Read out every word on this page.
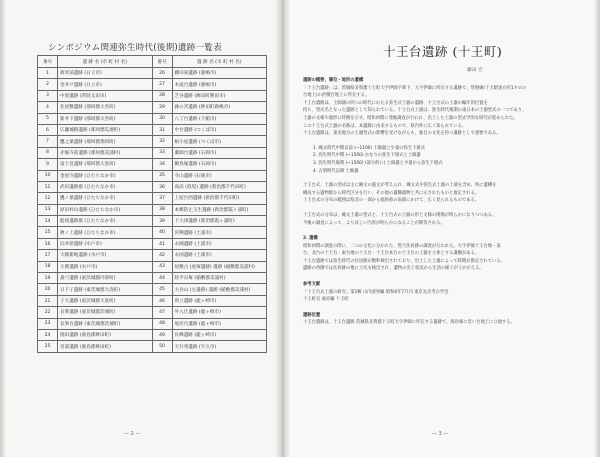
シンポジウム関連弥生時代(後期)遺跡一覧表
番号	遺 跡 名 (市 町 村 名)	番号	遺 跡 名 (市 町 村 名)
1	鋳米前遺跡 (日立市)	26	藤田東遺跡 (鹿嶋市)
2	金井戸遺跡 (日立市)	27	木滝台遺跡 (鹿嶋市)
3	中原遺跡 (常陸太田市)	28	芝谷遺跡 (鉾田町勝田市)
4	北屋敷遺跡 (那珂郡大宮町)	29	鉢の宮遺跡 (鉾田町鹿嶋市)
5	新井下遺跡 (那珂郡大宮町)	30	八丁台遺跡 (下館市)
6	広瀬城跡遺跡 (那珂郡瓜連町)	31	中台遺跡 (つくば市)
7	鷹之巣遺跡 (那珂郡那珂町)	32	根小屋遺跡 (つくば市)
8	赤堀寺前遺跡 (那珂郡美浦村)	33	薬師台遺跡 (石岡市)
9	富士見遺跡 (那珂郡大洗町)	34	鍬鳥塚遺跡 (石岡市)
10	金屋寺遺跡 (ひたちなか市)	35	寺山遺跡 (石岡市)
11	武田遺跡群 (ひたちなか市)	36	高浜 (仮堤) 遺跡 (新治郡千代田町)
12	鷹ノ巣遺跡 (ひたちなか市)	37	上屋台西遺跡 (新治郡千代田町)
13	原田杯山遺跡 (ひたちなか市)	38	本郷防止玉生遺跡 (新治郡霞ヶ浦町)
14	船窪遺跡群 (ひたちなか市)	39	下大津遺跡 (新治郡霞ヶ浦町)
15	鉾ノ上遺跡 (ひたちなか市)	40	宮輝遺跡 (土浦市)
16	向井原遺跡 (水戸市)	41	永國遺跡 (土浦市)
17	大駆新地遺跡 (水戸市)	42	永国遺跡 (土浦市)
18	大鷲遺跡 (水戸市)	43	屋敷古 (虎塚遺跡) 遺跡 (稲敷郡美浦村)
19	桑弓遺跡 (東茨城郡内原町)	44	陸平貝塚 (稲敷郡美浦村)
20	日下子遺跡 (東茨城郡大洗町)	45	大谷山 (左遺跡) 遺跡 (稲敷郡美浦村)
21	子大遺跡 (東茨城郡大洗町)	46	荷立遺跡 (龍ヶ崎市)
22	長峯遺跡 (東茨城郡茨城町)	47	外入仕遺跡 (龍ヶ崎市)
23	長峯台遺跡 (東茨城郡茨城町)	48	尾岸台遺跡 (龍ヶ崎市)
24	園田遺跡 (鹿島郡鉾田町)	49	長峰遺跡 (龍ヶ崎市)
25	宮部遺跡 (鹿島郡鉾田町)	50	天行事遺跡 (牛久市)
— 2 —
十王台遺跡 (十王町)
藤田 宏

遺跡の概要、層位・地形の遺構

「十王台遺跡」は、茨城県多賀郡十王町大字伊師字峯下、大字伊師に所在する遺跡で、常磐線(十王駅東方約1キロの

台地上)の洪積台地上に所在する。

十王台遺跡は、土師器の四つの時代にわたる弥生式土器の遺跡、十王台式の土器の編年的位置を

持ち、型式名となった遺跡として知られている。十王台式土器は、弥生時代後期の東日本の土器型式の一つであり、

土器の文様や器形に特徴を示す。昭和初期に発掘調査が行われ、出土した土器の型式学的な研究が進められた。

この十王台式土器の名称は、本遺跡に由来するもので、県内外に広く知られている。

十王台遺跡は、東北地方の土器型式の影響を受けながらも、独自の文化を持つ遺跡として重要である。

1. 縄文時代中期以前 (~1100) 土師器と少量の弥生下層式

2. 弥生時代中期 (~1500) かなりの弥生下層式と土師器

3. 弥生時代後期 (~1500) (部分的に) 土師器と少量から弥生下層式

4. 古墳時代以降 土師器

十王台式、土器の型式は主に縄文の施文が考えられ、縄文式や弥生式土器の上層を含め、特に遺構を

構成する遺物群から時代区分を行い、その他の遺構遺物と共に示されたものと推定される。

十王台式の分布の範囲は県北の一部から福島県の南部にかけて、広く見られるものである。

十王台式の分布は、縄文土器の型式と、十王台式の土器の形と文様の関係が明らかになりつつある。

今後の調査によって、より詳しい内容が明らかになることが期待される。

2. 遺構

昭和初期の調査の際に、二つの文化に分かれた、竪穴住居跡の調査が行われた。大字伊師十王台地・南

台、北台の十王台・東台地の十王台・十王台本台の十王台の土器を主体とする遺構がある。

十王台遺跡では弥生時代の住居跡が数軒検出されており、出土した土器によって時期が推定されている。

遺跡の西側では住居跡の他に土坑も検出され、遺物の出土状況から生活の様子がうかがえる。

参考文献

「十王台式土器の研究」第1輯 山内清男編 昭和6年7月刊 東京先史考古学会

十王町史 通史編 十王町

遺跡位置

十王台遺跡は、十王台遺跡 茨城県多賀郡十王町大字伊師に所在する遺跡で、海岸線に近い台地上に立地する。

— 3 —
